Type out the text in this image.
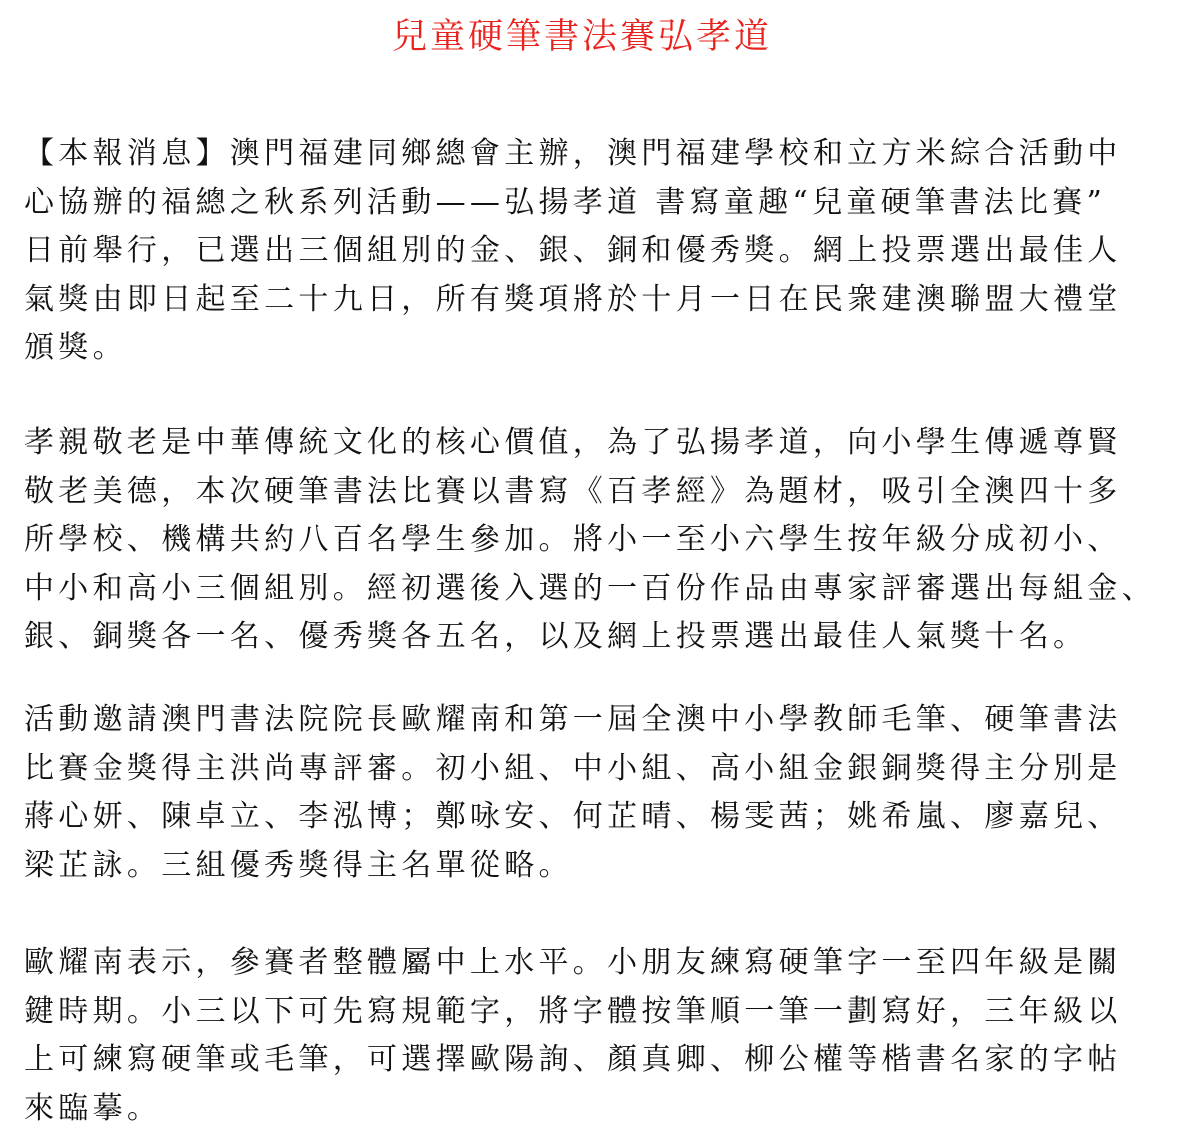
兒童硬筆書法賽弘孝道
【本報消息】澳門福建同鄉總會主辦，澳門福建學校和立方米綜合活動中
心協辦的福總之秋系列活動——弘揚孝道 書寫童趣“兒童硬筆書法比賽”
日前舉行，已選出三個組別的金、銀、銅和優秀獎。網上投票選出最佳人
氣獎由即日起至二十九日，所有獎項將於十月一日在民衆建澳聯盟大禮堂
頒獎。
孝親敬老是中華傳統文化的核心價值，為了弘揚孝道，向小學生傳遞尊賢
敬老美德，本次硬筆書法比賽以書寫《百孝經》為題材，吸引全澳四十多
所學校、機構共約八百名學生參加。將小一至小六學生按年級分成初小、
中小和高小三個組別。經初選後入選的一百份作品由專家評審選出每組金、
銀、銅獎各一名、優秀獎各五名，以及網上投票選出最佳人氣獎十名。
活動邀請澳門書法院院長歐耀南和第一屆全澳中小學教師毛筆、硬筆書法
比賽金獎得主洪尚專評審。初小組、中小組、高小組金銀銅獎得主分別是
蔣心妍、陳卓立、李泓博；鄭咏安、何芷晴、楊雯茜；姚希嵐、廖嘉兒、
梁芷詠。三組優秀獎得主名單從略。
歐耀南表示，參賽者整體屬中上水平。小朋友練寫硬筆字一至四年級是關
鍵時期。小三以下可先寫規範字，將字體按筆順一筆一劃寫好，三年級以
上可練寫硬筆或毛筆，可選擇歐陽詢、顏真卿、柳公權等楷書名家的字帖
來臨摹。
